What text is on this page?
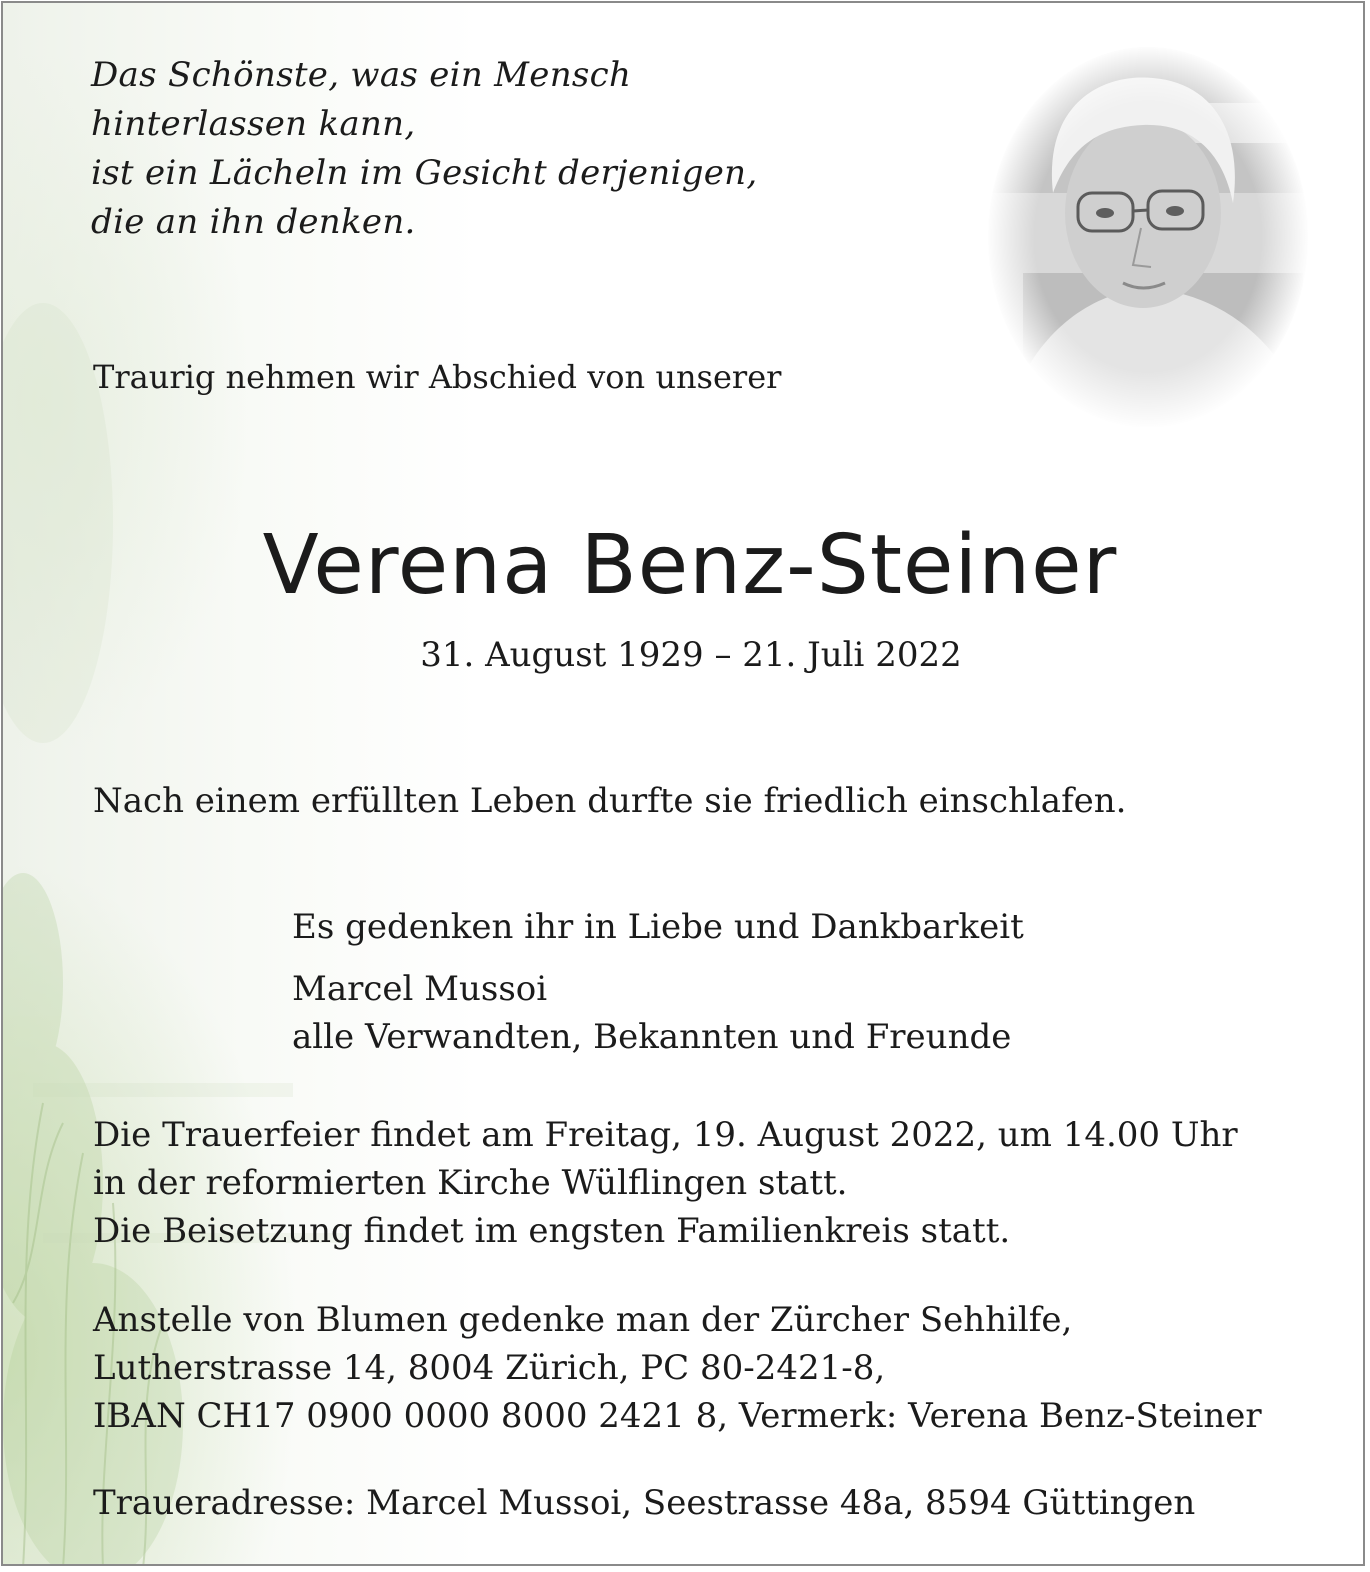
Das Schönste, was ein Mensch
hinterlassen kann,
ist ein Lächeln im Gesicht derjenigen,
die an ihn denken.
Traurig nehmen wir Abschied von unserer
Verena Benz-Steiner
31. August 1929 – 21. Juli 2022
Nach einem erfüllten Leben durfte sie friedlich einschlafen.
Es gedenken ihr in Liebe und Dankbarkeit
Marcel Mussoi
alle Verwandten, Bekannten und Freunde
Die Trauerfeier findet am Freitag, 19. August 2022, um 14.00 Uhr
in der reformierten Kirche Wülflingen statt.
Die Beisetzung findet im engsten Familienkreis statt.
Anstelle von Blumen gedenke man der Zürcher Sehhilfe,
Lutherstrasse 14, 8004 Zürich, PC 80-2421-8,
IBAN CH17 0900 0000 8000 2421 8, Vermerk: Verena Benz-Steiner
Traueradresse: Marcel Mussoi, Seestrasse 48a, 8594 Güttingen
